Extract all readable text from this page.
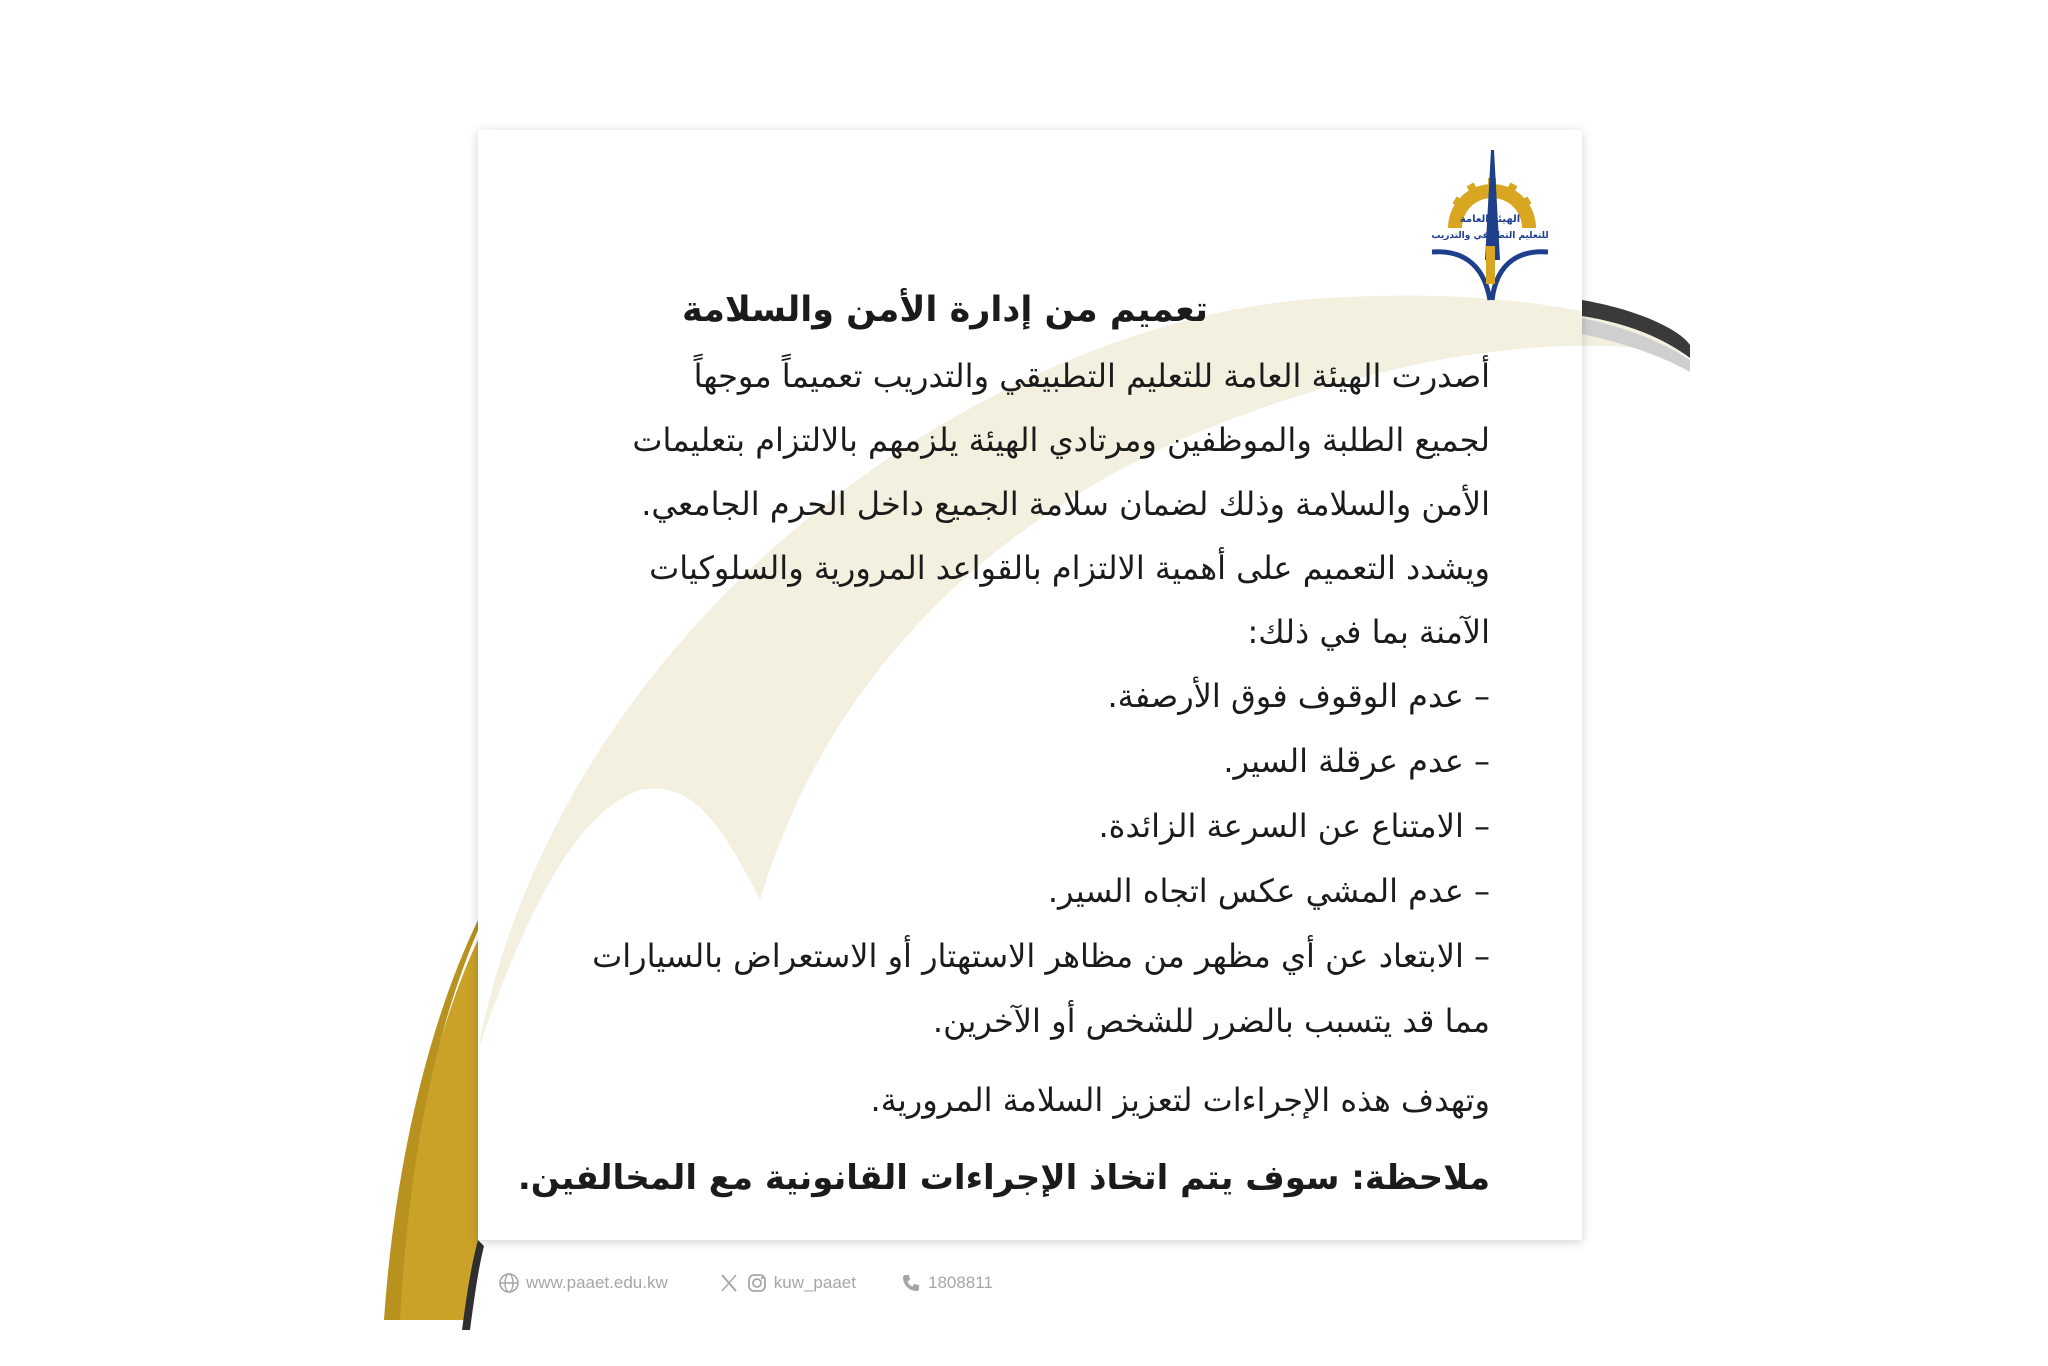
الهيئة العامة
للتعليم التطبيقي والتدريب
تعميم من إدارة الأمن والسلامة
أصدرت الهيئة العامة للتعليم التطبيقي والتدريب تعميماً موجهاً
لجميع الطلبة والموظفين ومرتادي الهيئة يلزمهم بالالتزام بتعليمات
الأمن والسلامة وذلك لضمان سلامة الجميع داخل الحرم الجامعي.
ويشدد التعميم على أهمية الالتزام بالقواعد المرورية والسلوكيات
الآمنة بما في ذلك:
– عدم الوقوف فوق الأرصفة.
– عدم عرقلة السير.
– الامتناع عن السرعة الزائدة.
– عدم المشي عكس اتجاه السير.
– الابتعاد عن أي مظهر من مظاهر الاستهتار أو الاستعراض بالسيارات
مما قد يتسبب بالضرر للشخص أو الآخرين.
وتهدف هذه الإجراءات لتعزيز السلامة المرورية.
ملاحظة: سوف يتم اتخاذ الإجراءات القانونية مع المخالفين.
www.paaet.edu.kw	kuw_paaet	1808811
